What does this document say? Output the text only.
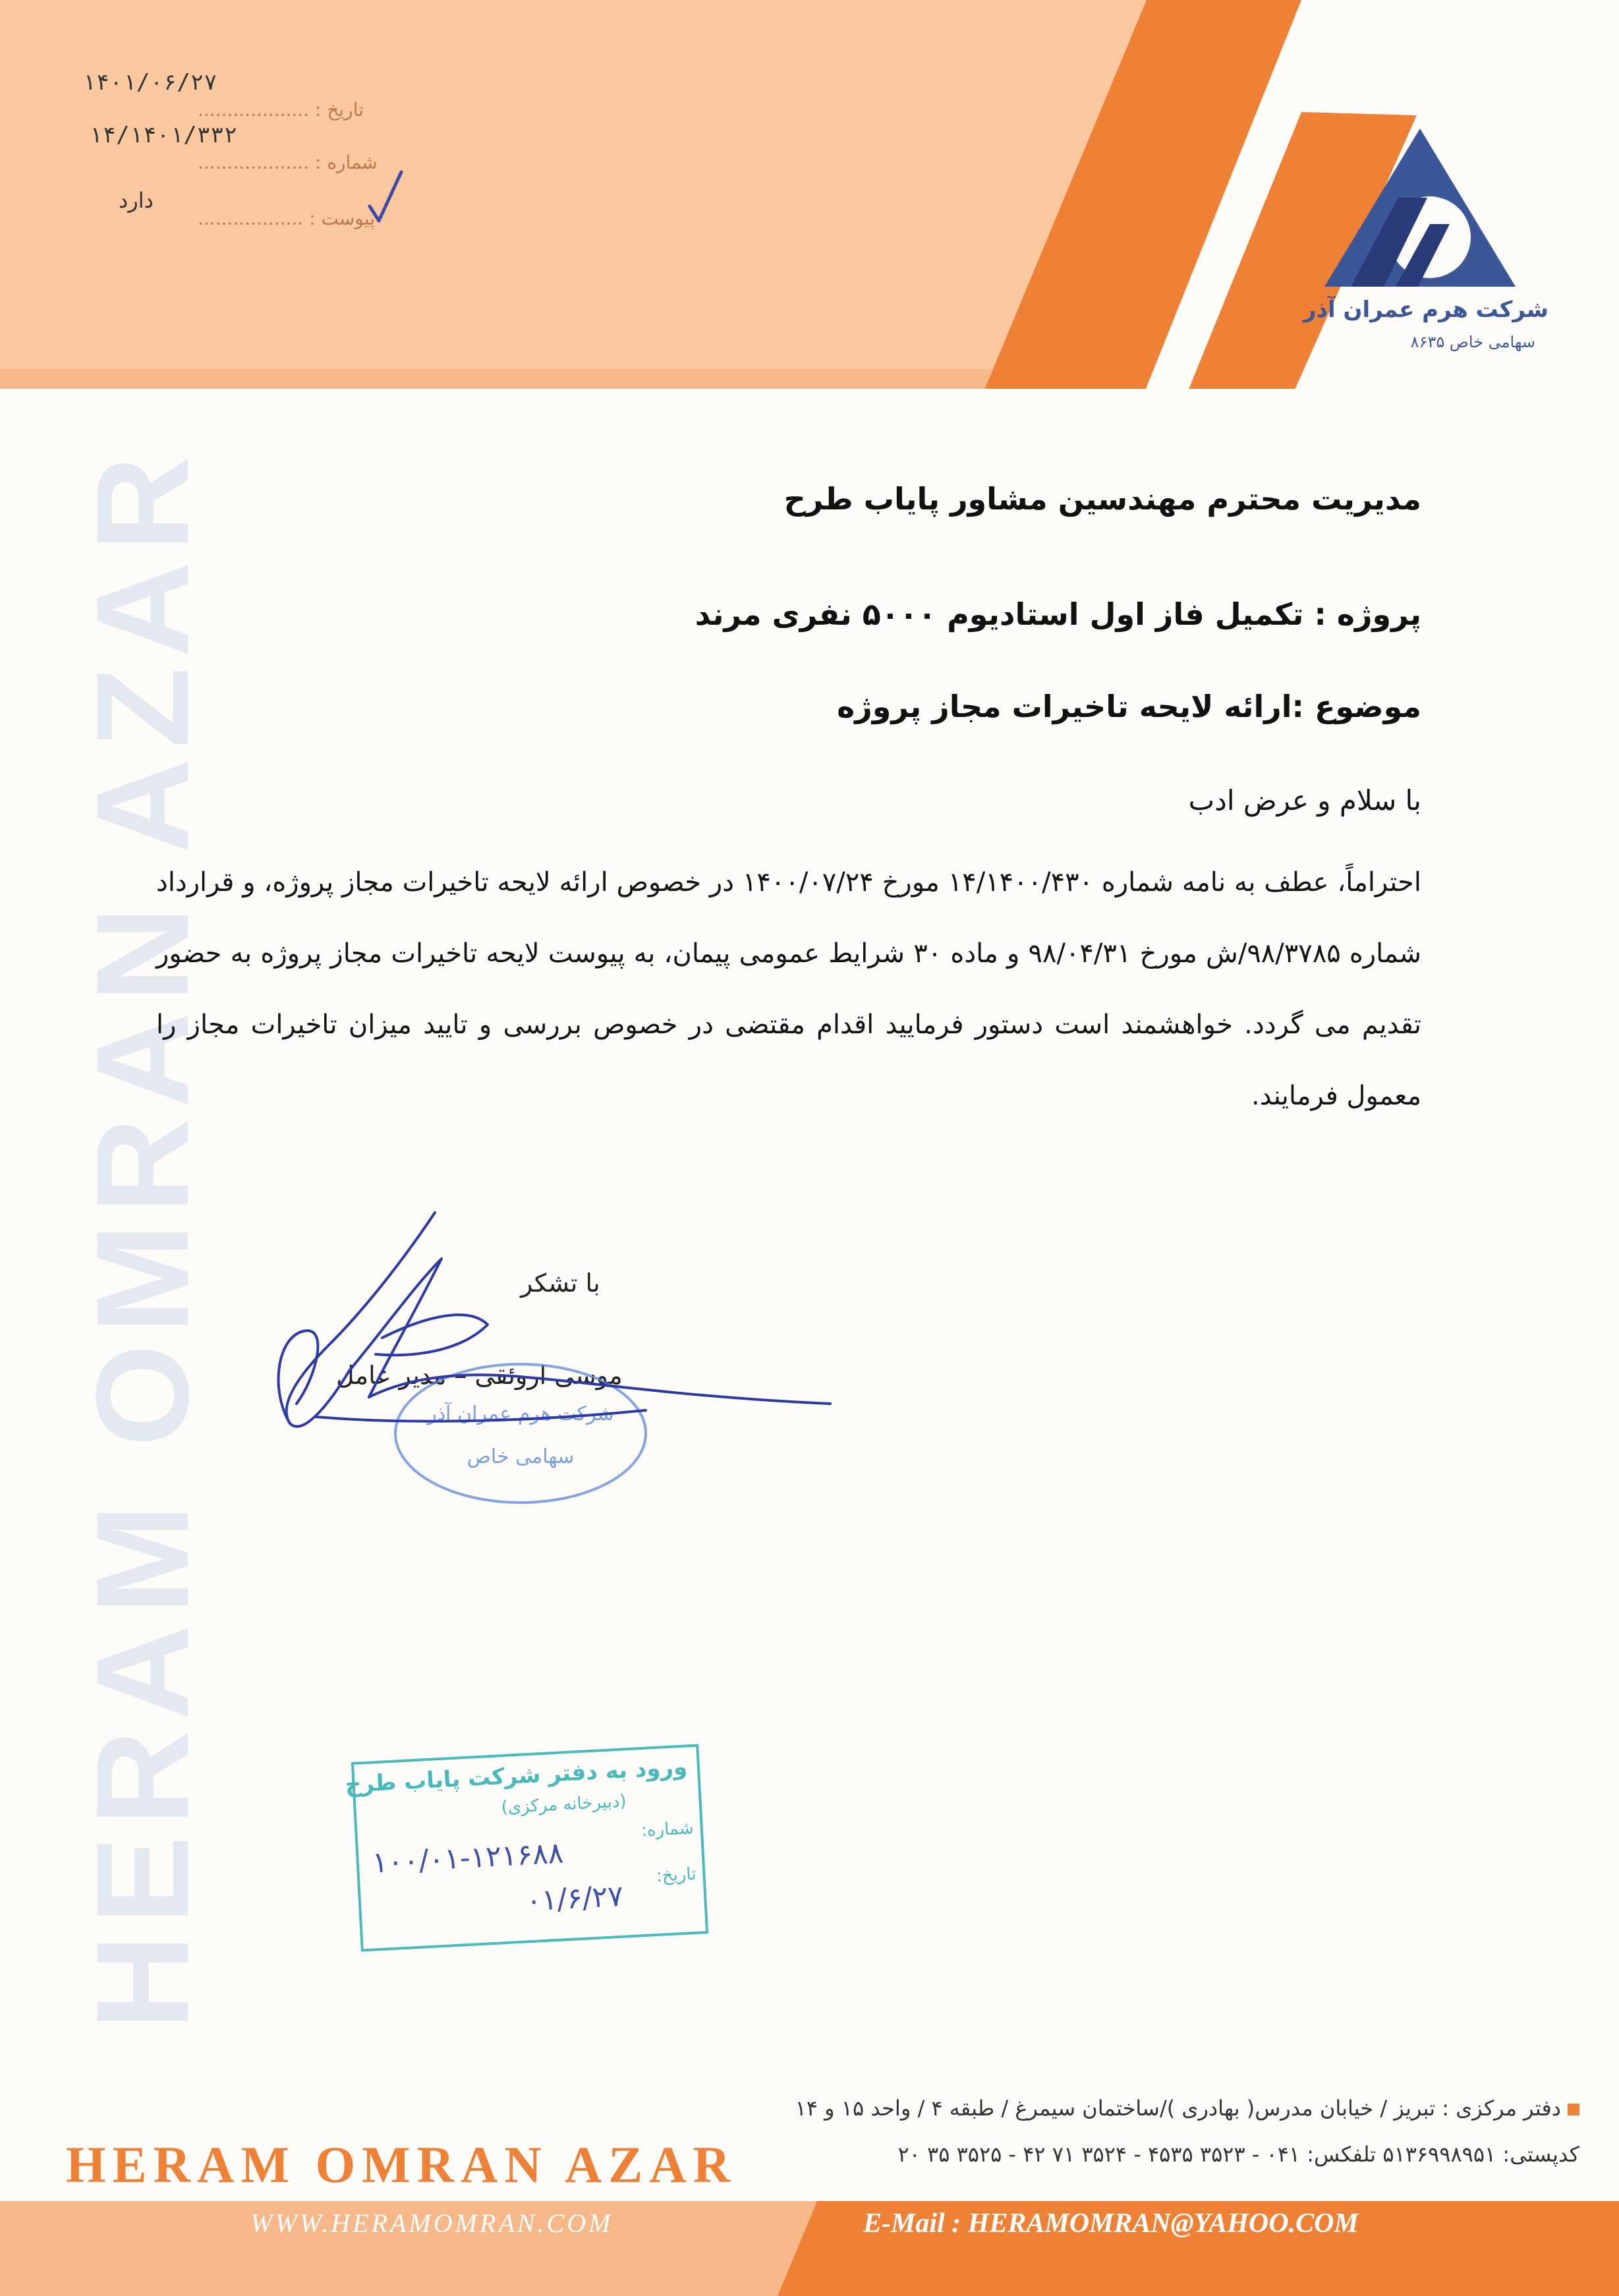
۱۴۰۱/۰۶/۲۷
تاریخ : ...................
۱۴/۱۴۰۱/۳۳۲
شماره : ...................
دارد
پیوست : ..................
شرکت هرم عمران آذر
سهامی خاص ۸۶۳۵
HERAM OMRAN AZAR	مدیریت محترم مهندسین مشاور پایاب طرح
پروژه : تکمیل فاز اول استادیوم ۵۰۰۰ نفری مرند
موضوع :ارائه لایحه تاخیرات مجاز پروژه
با سلام و عرض ادب
احتراماً، عطف به نامه شماره ۱۴/۱۴۰۰/۴۳۰ مورخ ۱۴۰۰/۰۷/۲۴ در خصوص ارائه لایحه تاخیرات مجاز پروژه، و قرارداد شماره ۹۸/۳۷۸۵/ش مورخ ۹۸/۰۴/۳۱ و ماده ۳۰ شرایط عمومی پیمان، به پیوست لایحه تاخیرات مجاز پروژه به حضور تقدیم می گردد. خواهشمند است دستور فرمایید اقدام مقتضی در خصوص بررسی و تایید میزان تاخیرات مجاز را معمول فرمایند.
با تشکر
موسی اروئقی – مدیر عامل
شرکت هرم عمران آذر
سهامی خاص
ورود به دفتر شرکت پایاب طرح
(دبیرخانه مرکزی)
شماره:
۱۰۰/۰۱-۱۲۱۶۸۸	تاریخ:
۰۱/۶/۲۷
HERAM OMRAN AZAR
دفتر مرکزی : تبریز / خیابان مدرس( بهادری )/ساختمان سیمرغ / طبقه ۴ / واحد ۱۵ و ۱۴
کدپستی: ۵۱۳۶۹۹۸۹۵۱ تلفکس: ۰۴۱ - ۳۵۲۳ ۴۵۳۵ - ۳۵۲۴ ۷۱ ۴۲ - ۳۵۲۵ ۳۵ ۲۰
WWW.HERAMOMRAN.COM	E-Mail : HERAMOMRAN@YAHOO.COM
